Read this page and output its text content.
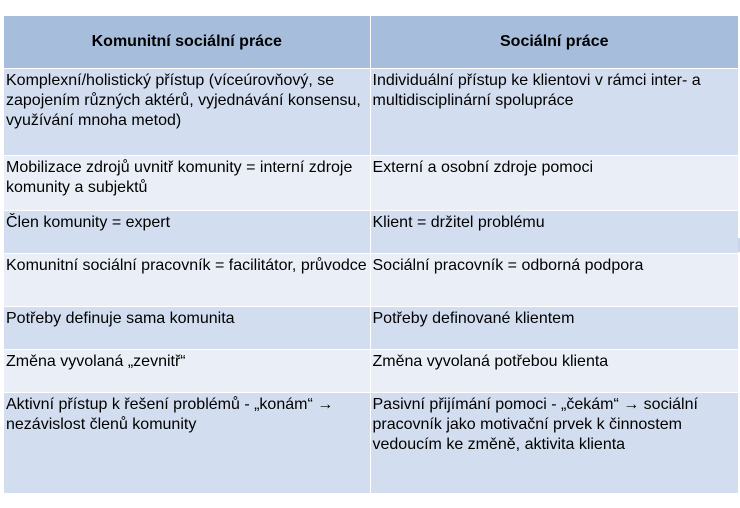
Komunitní sociální práce	Sociální práce
Komplexní/holistický přístup (víceúrovňový, se zapojením různých aktérů, vyjednávání konsensu, využívání mnoha metod)	Individuální přístup ke klientovi v rámci inter- a multidisciplinární spolupráce
Mobilizace zdrojů uvnitř komunity = interní zdroje komunity a subjektů	Externí a osobní zdroje pomoci
Člen komunity = expert	Klient = držitel problému
Komunitní sociální pracovník = facilitátor, průvodce	Sociální pracovník = odborná podpora
Potřeby definuje sama komunita	Potřeby definované klientem
Změna vyvolaná „zevnitř“	Změna vyvolaná potřebou klienta
Aktivní přístup k řešení problémů - „konám“ → nezávislost členů komunity	Pasivní přijímání pomoci - „čekám“ → sociální pracovník jako motivační prvek k činnostem vedoucím ke změně, aktivita klienta
